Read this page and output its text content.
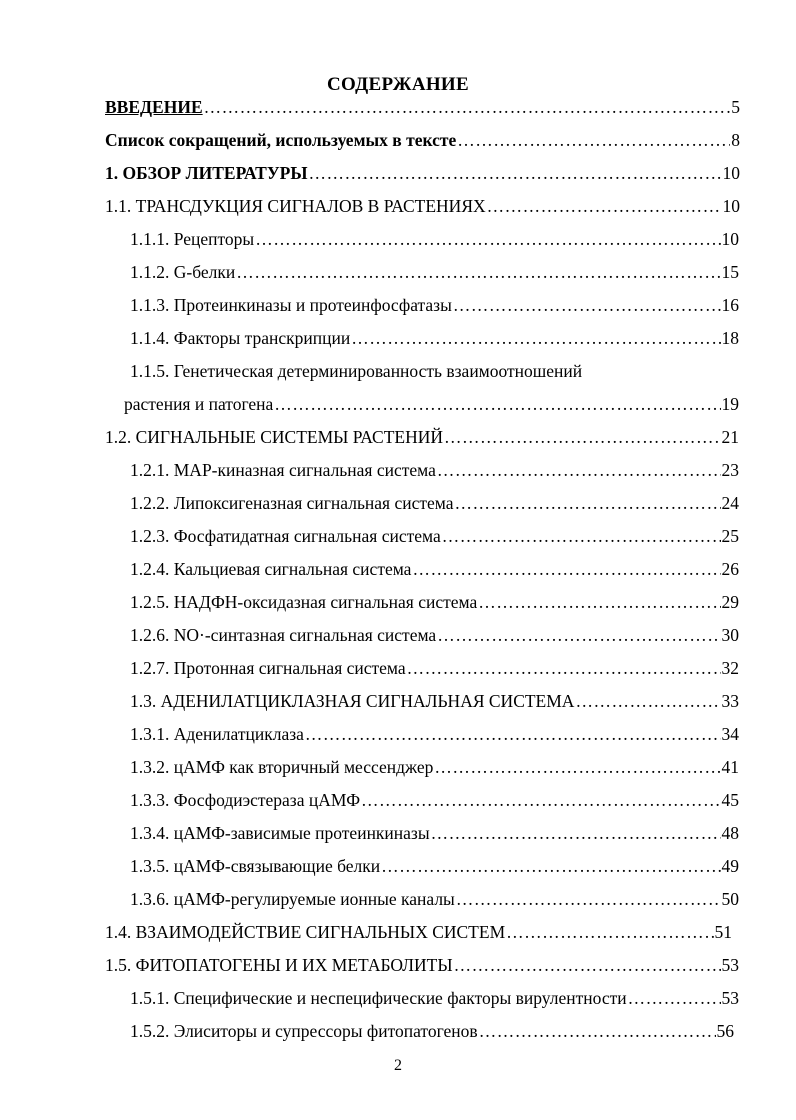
СОДЕРЖАНИЕ
ВВЕДЕНИЕ …………………………………………………………………………………………………………………………………………………………………………………………	5
Список сокращений, используемых в тексте …………………………………………………………………………………………………………………………………………………………………………………………	8
1. ОБЗОР ЛИТЕРАТУРЫ …………………………………………………………………………………………………………………………………………………………………………………………	10
1.1. ТРАНСДУКЦИЯ СИГНАЛОВ В РАСТЕНИЯХ …………………………………………………………………………………………………………………………………………………………………………………………	10
1.1.1. Рецепторы …………………………………………………………………………………………………………………………………………………………………………………………	10
1.1.2. G-белки …………………………………………………………………………………………………………………………………………………………………………………………	15
1.1.3. Протеинкиназы и протеинфосфатазы …………………………………………………………………………………………………………………………………………………………………………………………	16
1.1.4. Факторы транскрипции …………………………………………………………………………………………………………………………………………………………………………………………	18
1.1.5. Генетическая детерминированность взаимоотношений
растения и патогена …………………………………………………………………………………………………………………………………………………………………………………………	19
1.2. СИГНАЛЬНЫЕ СИСТЕМЫ РАСТЕНИЙ …………………………………………………………………………………………………………………………………………………………………………………………	21
1.2.1. МАР-киназная сигнальная система …………………………………………………………………………………………………………………………………………………………………………………………	23
1.2.2. Липоксигеназная сигнальная система …………………………………………………………………………………………………………………………………………………………………………………………	24
1.2.3. Фосфатидатная сигнальная система …………………………………………………………………………………………………………………………………………………………………………………………	25
1.2.4. Кальциевая сигнальная система …………………………………………………………………………………………………………………………………………………………………………………………	26
1.2.5. НАДФН-оксидазная сигнальная система …………………………………………………………………………………………………………………………………………………………………………………………	29
1.2.6. NO·-синтазная сигнальная система …………………………………………………………………………………………………………………………………………………………………………………………	30
1.2.7. Протонная сигнальная система …………………………………………………………………………………………………………………………………………………………………………………………	32
1.3. АДЕНИЛАТЦИКЛАЗНАЯ СИГНАЛЬНАЯ СИСТЕМА …………………………………………………………………………………………………………………………………………………………………………………………	33
1.3.1. Аденилатциклаза …………………………………………………………………………………………………………………………………………………………………………………………	34
1.3.2. цАМФ как вторичный мессенджер …………………………………………………………………………………………………………………………………………………………………………………………	41
1.3.3. Фосфодиэстераза цАМФ …………………………………………………………………………………………………………………………………………………………………………………………	45
1.3.4. цАМФ-зависимые протеинкиназы …………………………………………………………………………………………………………………………………………………………………………………………	48
1.3.5. цАМФ-связывающие белки …………………………………………………………………………………………………………………………………………………………………………………………	49
1.3.6. цАМФ-регулируемые ионные каналы …………………………………………………………………………………………………………………………………………………………………………………………	50
1.4. ВЗАИМОДЕЙСТВИЕ СИГНАЛЬНЫХ СИСТЕМ …………………………………………………………………………………………………………………………………………………………………………………………	51
1.5. ФИТОПАТОГЕНЫ И ИХ МЕТАБОЛИТЫ …………………………………………………………………………………………………………………………………………………………………………………………	53
1.5.1. Специфические и неспецифические факторы вирулентности …………………………………………………………………………………………………………………………………………………………………………………………	53
1.5.2. Элиситоры и супрессоры фитопатогенов …………………………………………………………………………………………………………………………………………………………………………………………	56
2
